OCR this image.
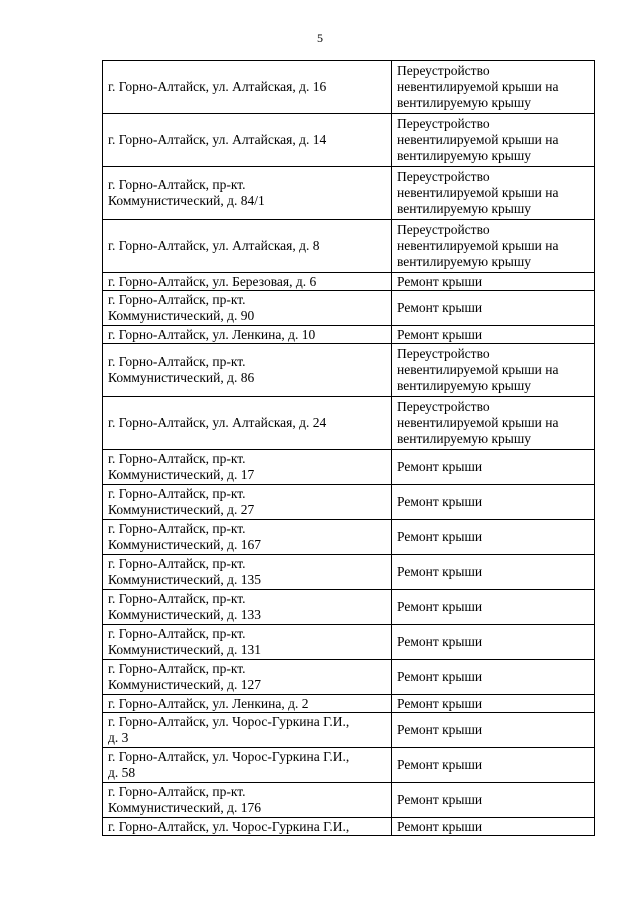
5
г. Горно-Алтайск, ул. Алтайская, д. 16	Переустройство
невентилируемой крыши на
вентилируемую крышу
г. Горно-Алтайск, ул. Алтайская, д. 14	Переустройство
невентилируемой крыши на
вентилируемую крышу
г. Горно-Алтайск, пр-кт.
Коммунистический, д. 84/1	Переустройство
невентилируемой крыши на
вентилируемую крышу
г. Горно-Алтайск, ул. Алтайская, д. 8	Переустройство
невентилируемой крыши на
вентилируемую крышу
г. Горно-Алтайск, ул. Березовая, д. 6	Ремонт крыши
г. Горно-Алтайск, пр-кт.
Коммунистический, д. 90	Ремонт крыши
г. Горно-Алтайск, ул. Ленкина, д. 10	Ремонт крыши
г. Горно-Алтайск, пр-кт.
Коммунистический, д. 86	Переустройство
невентилируемой крыши на
вентилируемую крышу
г. Горно-Алтайск, ул. Алтайская, д. 24	Переустройство
невентилируемой крыши на
вентилируемую крышу
г. Горно-Алтайск, пр-кт.
Коммунистический, д. 17	Ремонт крыши
г. Горно-Алтайск, пр-кт.
Коммунистический, д. 27	Ремонт крыши
г. Горно-Алтайск, пр-кт.
Коммунистический, д. 167	Ремонт крыши
г. Горно-Алтайск, пр-кт.
Коммунистический, д. 135	Ремонт крыши
г. Горно-Алтайск, пр-кт.
Коммунистический, д. 133	Ремонт крыши
г. Горно-Алтайск, пр-кт.
Коммунистический, д. 131	Ремонт крыши
г. Горно-Алтайск, пр-кт.
Коммунистический, д. 127	Ремонт крыши
г. Горно-Алтайск, ул. Ленкина, д. 2	Ремонт крыши
г. Горно-Алтайск, ул. Чорос-Гуркина Г.И.,
д. 3	Ремонт крыши
г. Горно-Алтайск, ул. Чорос-Гуркина Г.И.,
д. 58	Ремонт крыши
г. Горно-Алтайск, пр-кт.
Коммунистический, д. 176	Ремонт крыши
г. Горно-Алтайск, ул. Чорос-Гуркина Г.И.,	Ремонт крыши
